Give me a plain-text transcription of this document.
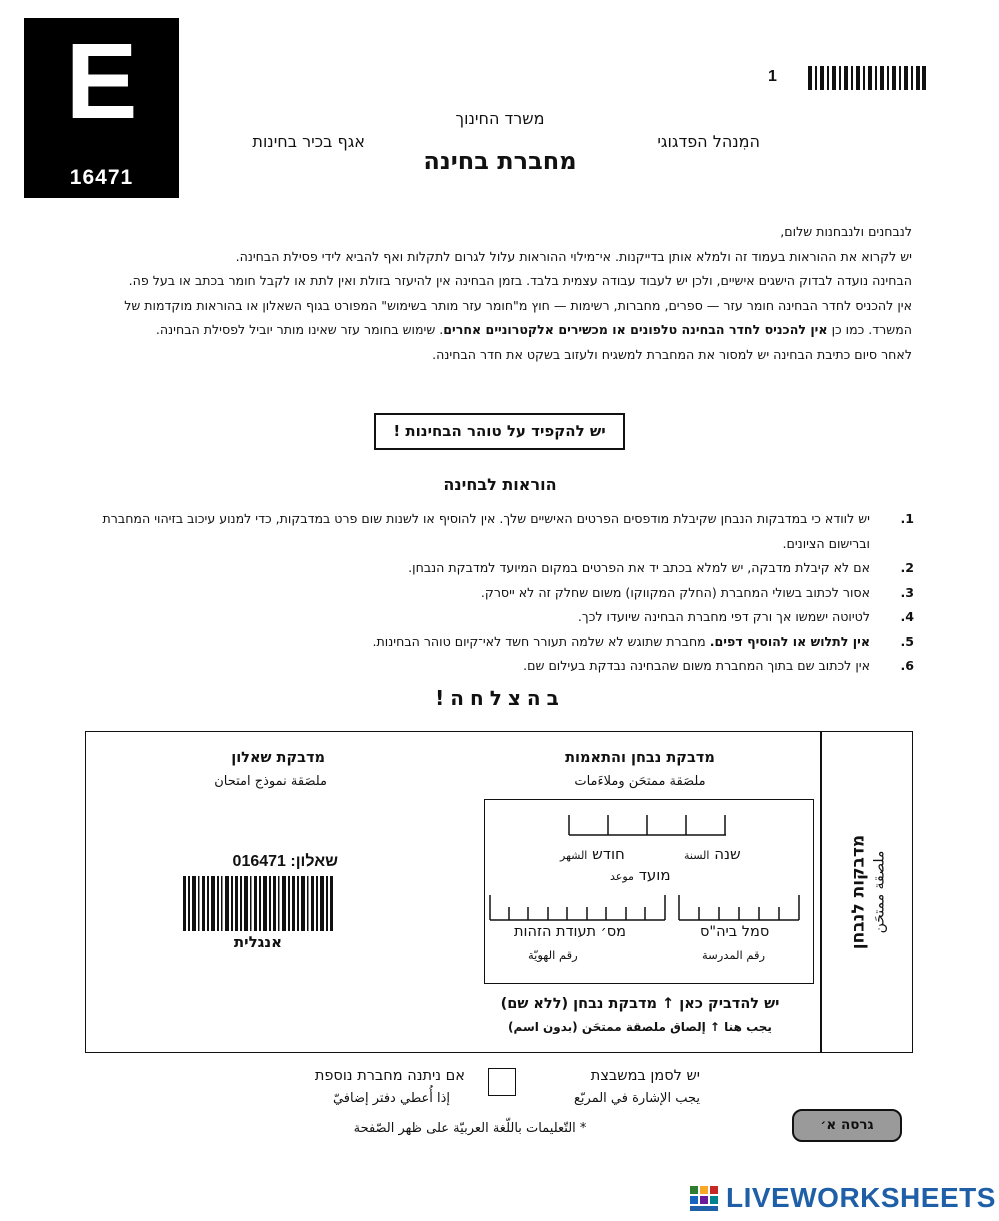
E
16471
1
משרד החינוך
מחברת בחינה
המִנהל הפדגוגי
אגף בכיר בחינות

לנבחנים ולנבחנות שלום,

יש לקרוא את ההוראות בעמוד זה ולמלא אותן בדייקנות. אי־מילוי ההוראות עלול לגרום לתקלות ואף להביא לידי פסילת הבחינה.

הבחינה נועדה לבדוק הישגים אישיים, ולכן יש לעבוד עבודה עצמית בלבד. בזמן הבחינה אין להיעזר בזולת ואין לתת או לקבל חומר בכתב או בעל פה.

אין להכניס לחדר הבחינה חומר עזר — ספרים, מחברות, רשימות — חוץ מ"חומר עזר מותר בשימוש" המפורט בגוף השאלון או בהוראות מוקדמות של המשרד. כמו כן אין להכניס לחדר הבחינה טלפונים או מכשירים אלקטרוניים אחרים. שימוש בחומר עזר שאינו מותר יוביל לפסילת הבחינה.

לאחר סיום כתיבת הבחינה יש למסור את המחברת למשגיח ולעזוב בשקט את חדר הבחינה.

יש להקפיד על טוהר הבחינות !
הוראות לבחינה
1.
יש לוודא כי במדבקות הנבחן שקיבלת מודפסים הפרטים האישיים שלך. אין להוסיף או לשנות שום פרט במדבקות, כדי למנוע עיכוב בזיהוי המחברת וברישום הציונים.
2.
אם לא קיבלת מדבקה, יש למלא בכתב יד את הפרטים במקום המיועד למדבקת הנבחן.
3.
אסור לכתוב בשולי המחברת (החלק המקווקו) משום שחלק זה לא ייסרק.
4.
לטיוטה ישמשו אך ורק דפי מחברת הבחינה שיועדו לכך.
5.
אין לתלוש או להוסיף דפים. מחברת שתוגש לא שלמה תעורר חשד לאי־קיום טוהר הבחינות.
6.
אין לכתוב שם בתוך המחברת משום שהבחינה נבדקת בעילום שם.
בהצלחה!
מדבקות לנבחן ملصقة ممتحَن
מדבקת נבחן והתאמות
ملصَقة ممتحَن وملاءَمات
מדבקת שאלון
ملصَقة نموذج امتحان
שאלון: 016471
אנגלית
שנה السنة
חודש الشهر
מועד موعد
מס׳ תעודת הזהות
رقم الهويّة
סמל ביה"ס
رقم المدرسة
יש להדביק כאן ↑ מדבקת נבחן (ללא שם)
يجب هنا ↑ إلصاق ملصقة ممتحَن (بدون اسم)
יש לסמן במשבצת
يجب الإشارة في المربّع
אם ניתנה מחברת נוספת
إذا أُعطي دفتر إضافيّ
* التّعليمات باللّغة العربيّة على ظهر الصّفحة	גרסה א׳
LIVEWORKSHEETS
